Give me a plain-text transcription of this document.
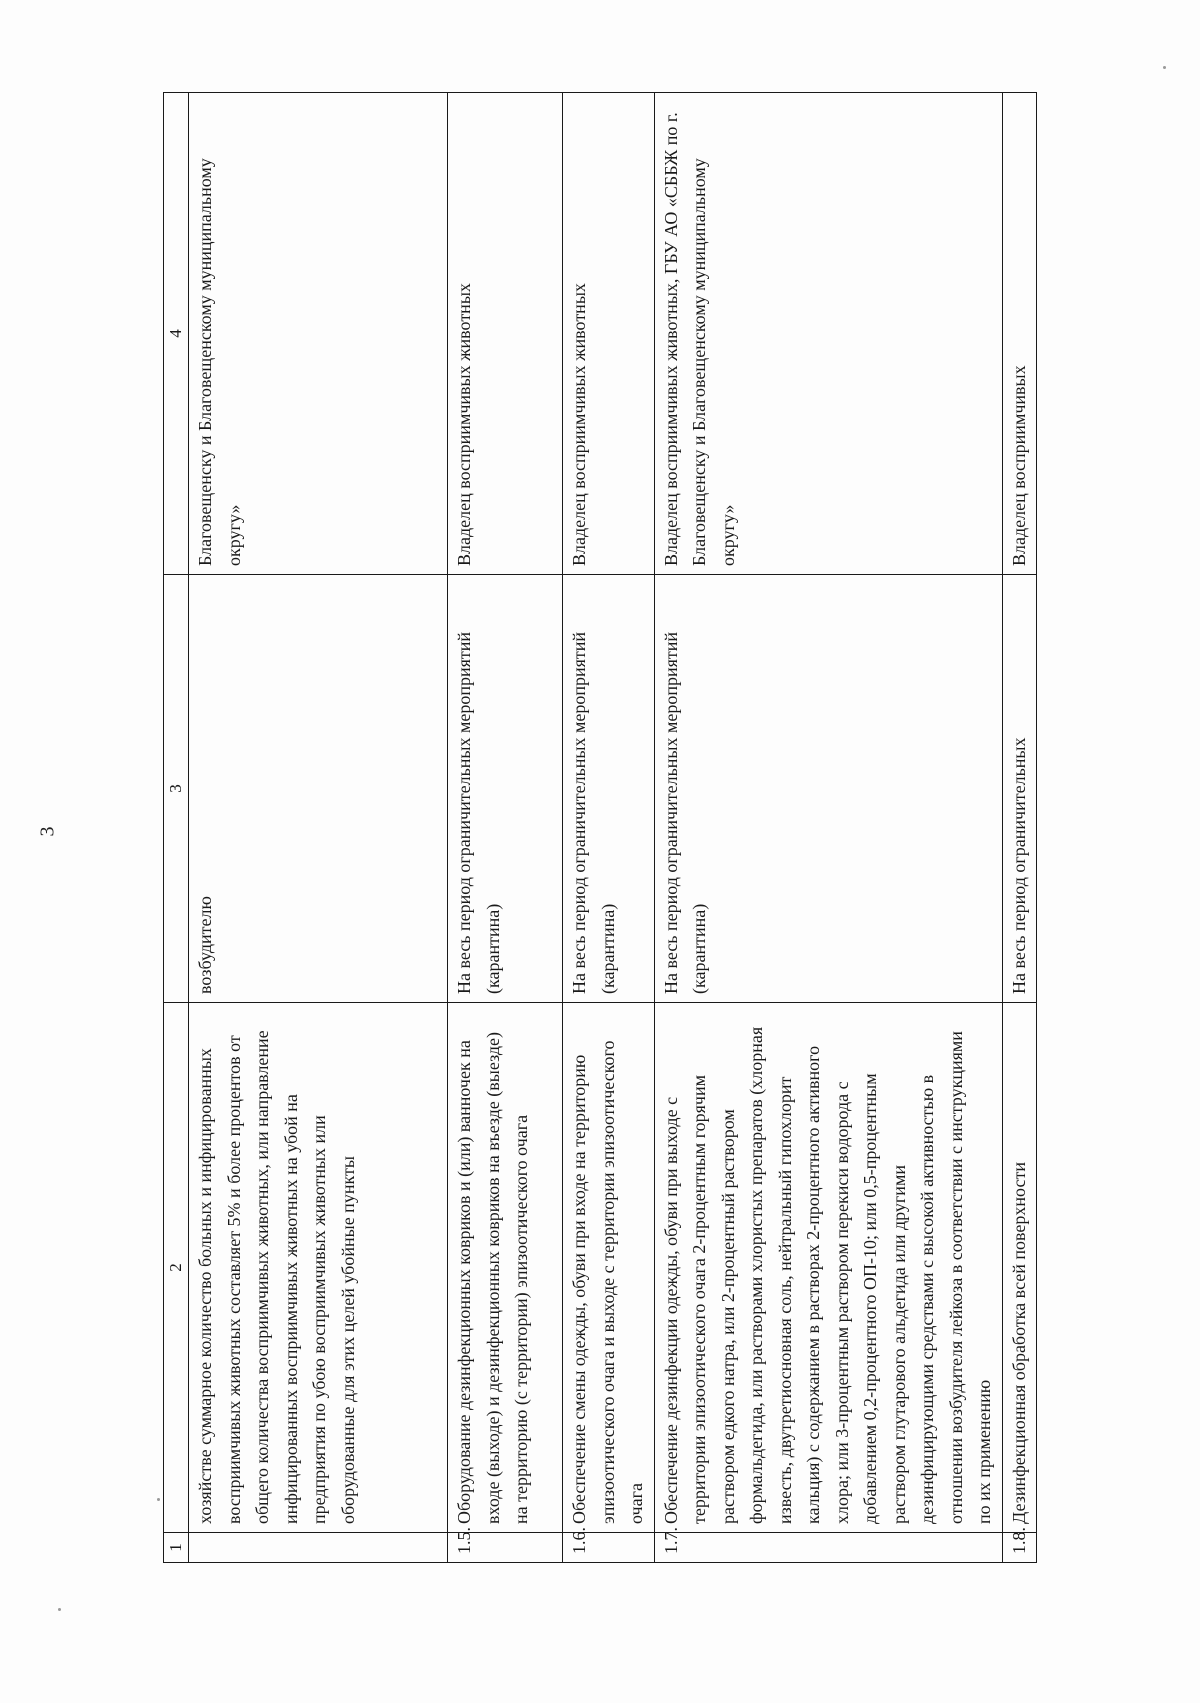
3
1	2	3	4
	хозяйстве суммарное количество больных и инфицированных восприимчивых животных составляет 5% и более процентов от общего количества восприимчивых животных, или направление инфицированных восприимчивых животных на убой на предприятия по убою восприимчивых животных или оборудованные для этих целей убойные пункты	возбудителю	Благовещенску и Благовещенскому муниципальному округу»
1.5.	Оборудование дезинфекционных ковриков и (или) ванночек на входе (выходе) и дезинфекционных ковриков на въезде (выезде) на территорию (с территории) эпизоотического очага	На весь период ограничительных мероприятий (карантина)	Владелец восприимчивых животных
1.6.	Обеспечение смены одежды, обуви при входе на территорию эпизоотического очага и выходе с территории эпизоотического очага	На весь период ограничительных мероприятий (карантина)	Владелец восприимчивых животных
1.7.	Обеспечение дезинфекции одежды, обуви при выходе с территории эпизоотического очага 2-процентным горячим раствором едкого натра, или 2-процентный раствором формальдегида, или растворами хлористых препаратов (хлорная известь, двутретиосновная соль, нейтральный гипохлорит кальция) с содержанием в растворах 2-процентного активного хлора; или 3-процентным раствором перекиси водорода с добавлением 0,2-процентного ОП-10; или 0,5-процентным раствором глутарового альдегида или другими дезинфицирующими средствами с высокой активностью в отношении возбудителя лейкоза в соответствии с инструкциями по их применению	На весь период ограничительных мероприятий (карантина)	Владелец восприимчивых животных, ГБУ АО «СББЖ по г. Благовещенску и Благовещенскому муниципальному округу»
1.8.	Дезинфекционная обработка всей поверхности	На весь период ограничительных	Владелец восприимчивых
